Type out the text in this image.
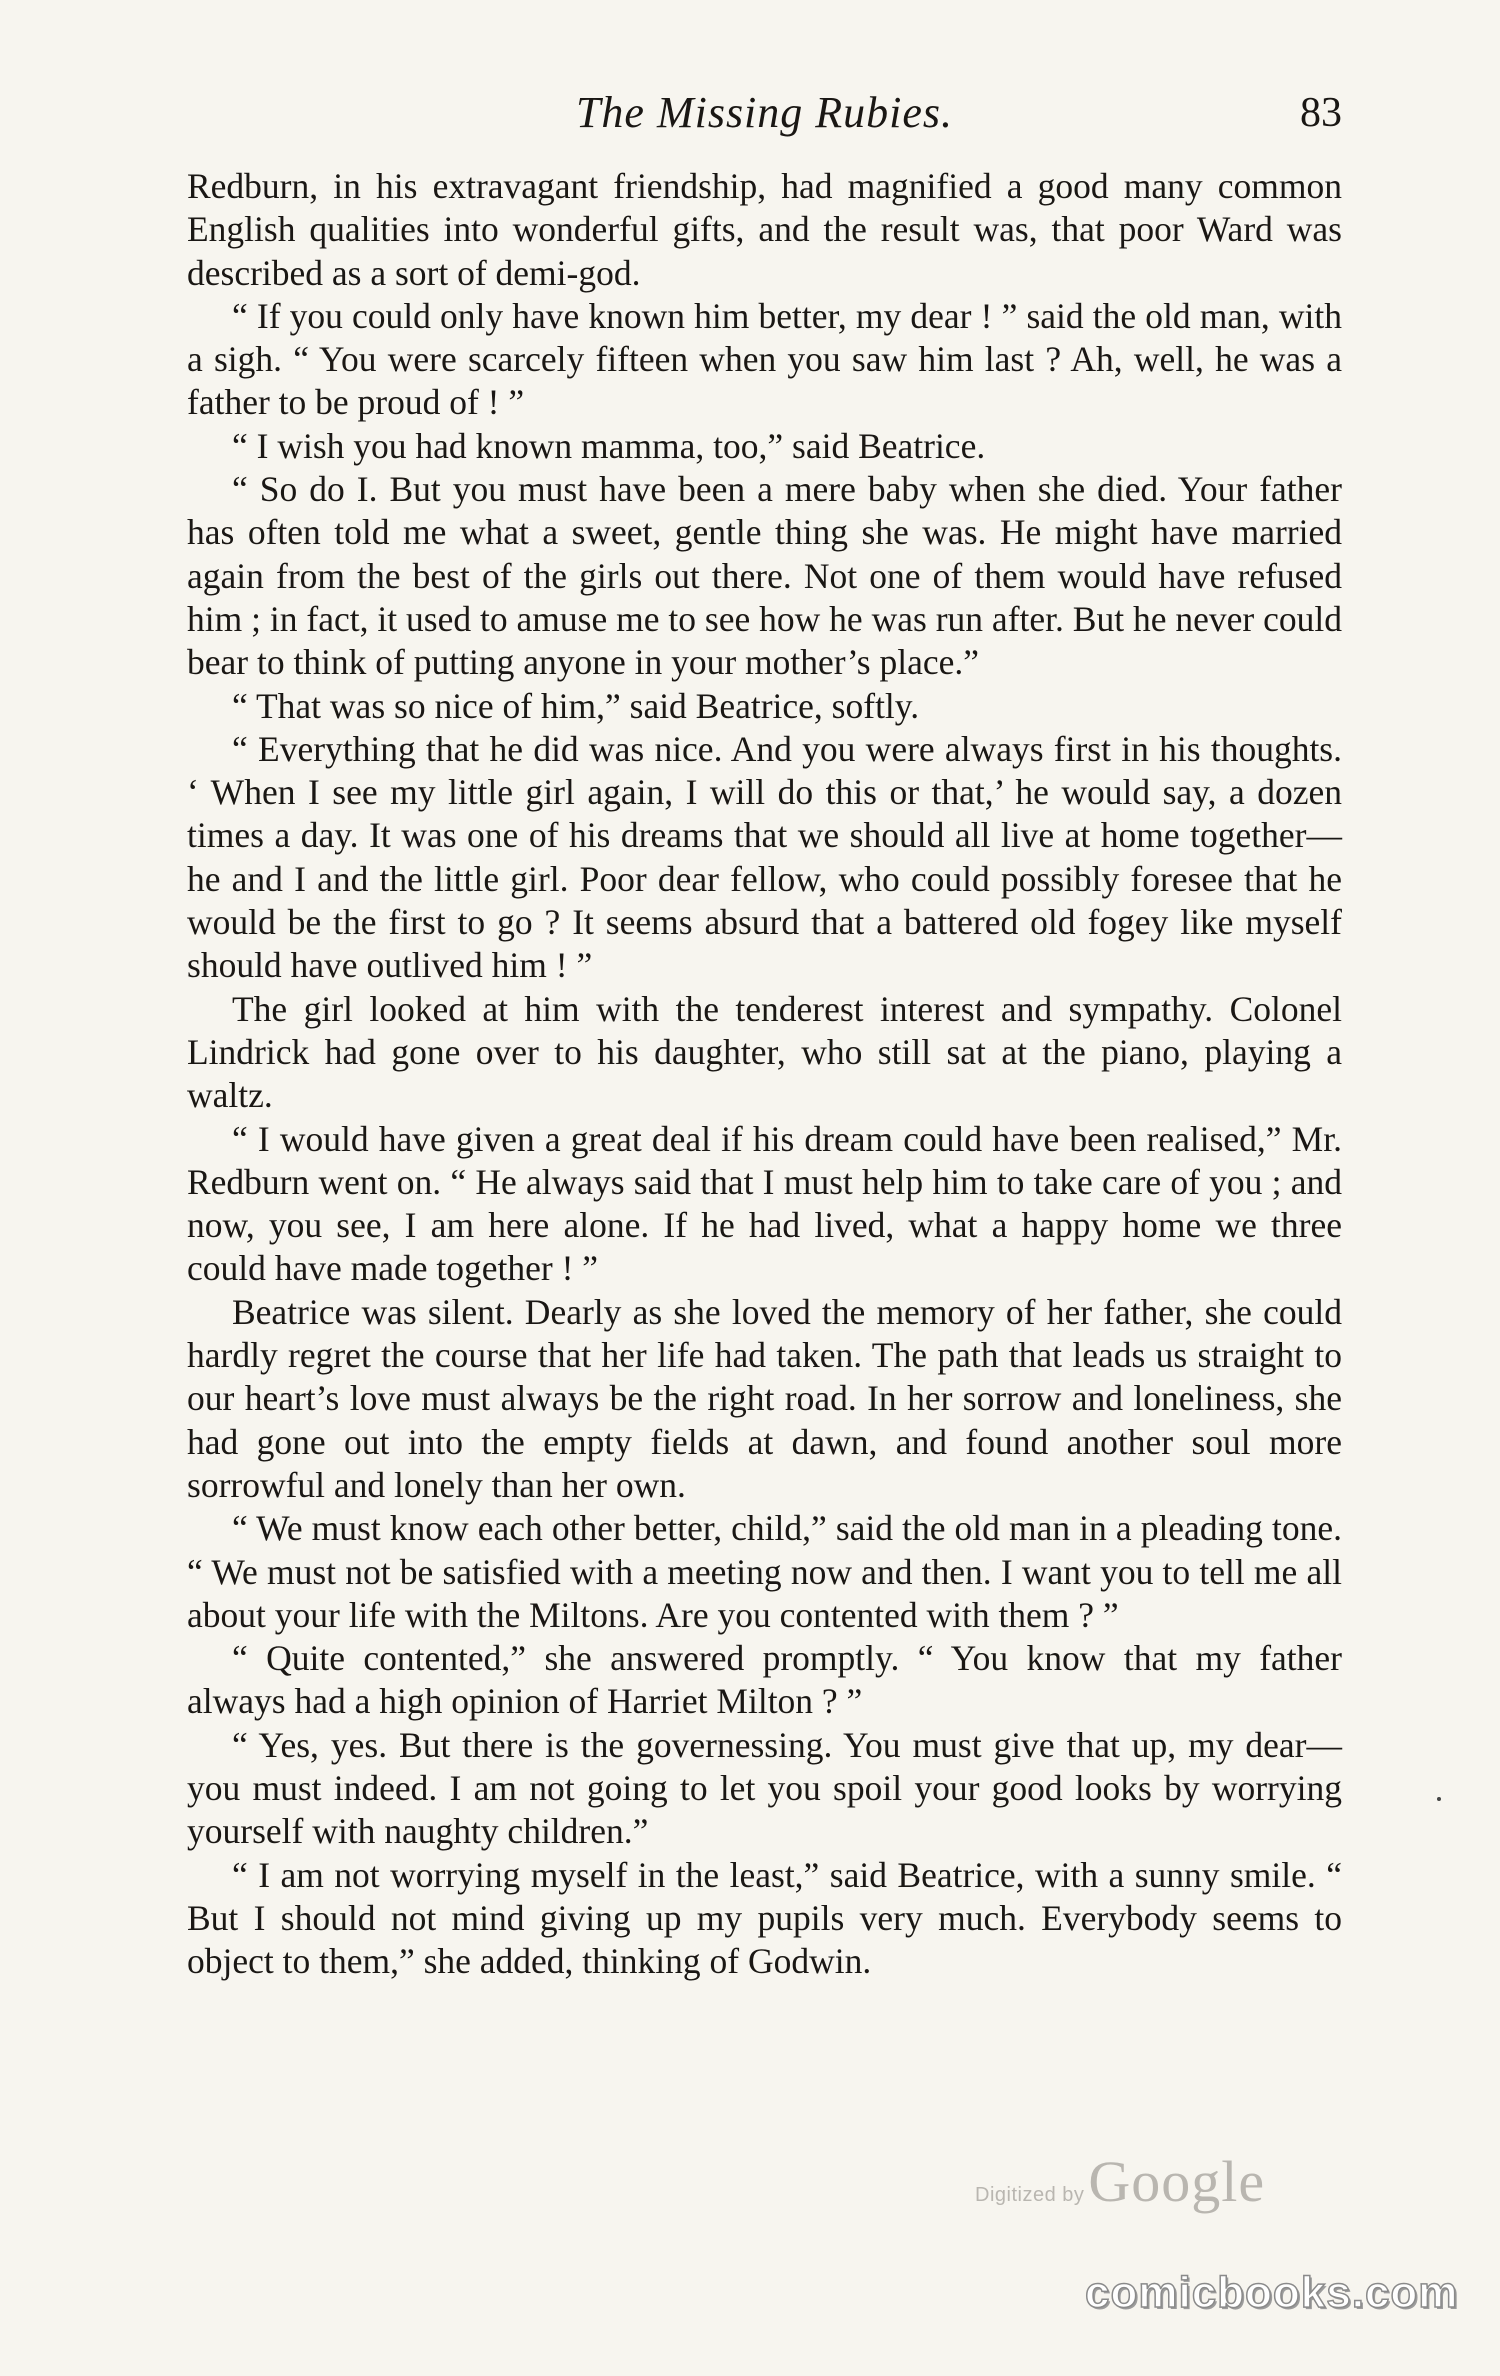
The Missing Rubies.	83

Redburn, in his extravagant friendship, had magnified a good many common English qualities into wonderful gifts, and the result was, that poor Ward was described as a sort of demi-god.

“ If you could only have known him better, my dear ! ” said the old man, with a sigh. “ You were scarcely fifteen when you saw him last ? Ah, well, he was a father to be proud of ! ”

“ I wish you had known mamma, too,” said Beatrice.

“ So do I. But you must have been a mere baby when she died. Your father has often told me what a sweet, gentle thing she was. He might have married again from the best of the girls out there. Not one of them would have refused him ; in fact, it used to amuse me to see how he was run after. But he never could bear to think of putting anyone in your mother’s place.”

“ That was so nice of him,” said Beatrice, softly.

“ Everything that he did was nice. And you were always first in his thoughts. ‘ When I see my little girl again, I will do this or that,’ he would say, a dozen times a day. It was one of his dreams that we should all live at home together—he and I and the little girl. Poor dear fellow, who could possibly foresee that he would be the first to go ? It seems absurd that a battered old fogey like myself should have outlived him ! ”

The girl looked at him with the tenderest interest and sympathy. Colonel Lindrick had gone over to his daughter, who still sat at the piano, playing a waltz.

“ I would have given a great deal if his dream could have been realised,” Mr. Redburn went on. “ He always said that I must help him to take care of you ; and now, you see, I am here alone. If he had lived, what a happy home we three could have made together ! ”

Beatrice was silent. Dearly as she loved the memory of her father, she could hardly regret the course that her life had taken. The path that leads us straight to our heart’s love must always be the right road. In her sorrow and loneliness, she had gone out into the empty fields at dawn, and found another soul more sorrowful and lonely than her own.

“ We must know each other better, child,” said the old man in a pleading tone. “ We must not be satisfied with a meeting now and then. I want you to tell me all about your life with the Miltons. Are you contented with them ? ”

“ Quite contented,” she answered promptly. “ You know that my father always had a high opinion of Harriet Milton ? ”

“ Yes, yes. But there is the governessing. You must give that up, my dear—you must indeed. I am not going to let you spoil your good looks by worrying yourself with naughty children.”

“ I am not worrying myself in the least,” said Beatrice, with a sunny smile. “ But I should not mind giving up my pupils very much. Everybody seems to object to them,” she added, thinking of Godwin.

Digitized by Google
comicbooks.com
